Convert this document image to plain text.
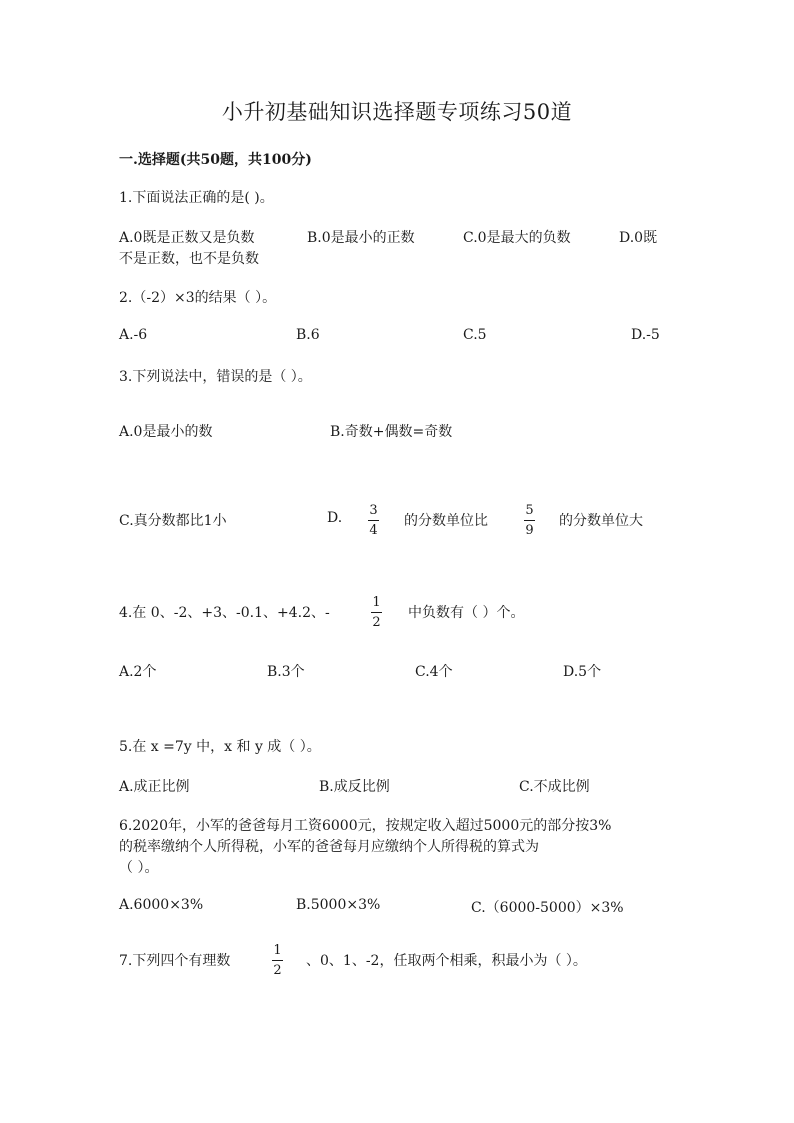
小升初基础知识选择题专项练习50道
一.选择题(共50题，共100分)
1.下面说法正确的是( )。
A.0既是正数又是负数	B.0是最小的正数	C.0是最大的负数	D.0既
不是正数，也不是负数
2.（-2）×3的结果（ ）。
A.-6	B.6	C.5	D.-5
3.下列说法中，错误的是（ ）。
A.0是最小的数	B.奇数+偶数=奇数
C.真分数都比1小	D. 3
4
的分数单位比
5
9
的分数单位大
4.在 0、-2、+3、-0.1、+4.2、-
1
2
中负数有（ ）个。
A.2个	B.3个	C.4个	D.5个
5.在 x =7y 中，x 和 y 成（ ）。
A.成正比例	B.成反比例	C.不成比例
6.2020年，小军的爸爸每月工资6000元，按规定收入超过5000元的部分按3%
的税率缴纳个人所得税，小军的爸爸每月应缴纳个人所得税的算式为
（ ）。
A.6000×3%	B.5000×3%	C.（6000-5000）×3%
7.下列四个有理数
1
2
、0、1、-2，任取两个相乘，积最小为（ ）。
